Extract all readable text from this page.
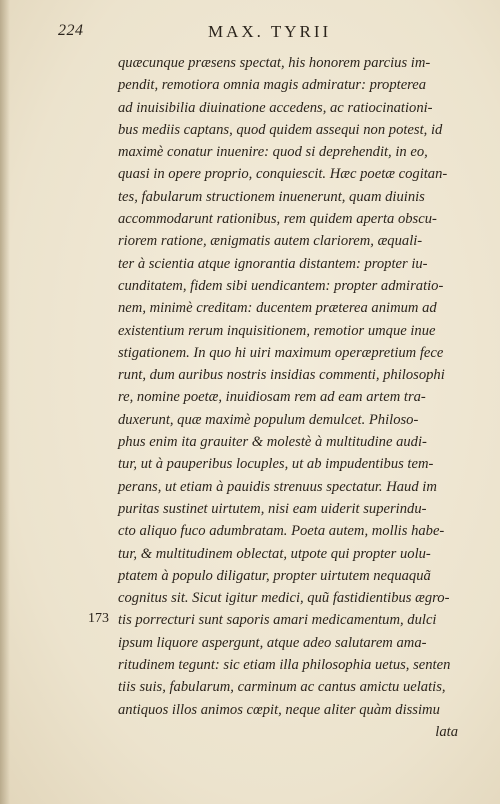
224	MAX. TYRII
173
quæcunque præsens spectat, his honorem parcius im-
pendit, remotiora omnia magis admiratur: propterea
ad inuisibilia diuinatione accedens, ac ratiocinationi-
bus mediis captans, quod quidem assequi non potest, id
maximè conatur inuenire: quod si deprehendit, in eo,
quasi in opere proprio, conquiescit. Hæc poetæ cogitan-
tes, fabularum structionem inuenerunt, quam diuinis
accommodarunt rationibus, rem quidem aperta obscu-
riorem ratione, ænigmatis autem clariorem, æquali-
ter à scientia atque ignorantia distantem: propter iu-
cunditatem, fidem sibi uendicantem: propter admiratio-
nem, minimè creditam: ducentem præterea animum ad
existentium rerum inquisitionem, remotior umque inue
stigationem. In quo hi uiri maximum operæpretium fece
runt, dum auribus nostris insidias commenti, philosophi
re, nomine poetæ, inuidiosam rem ad eam artem tra-
duxerunt, quæ maximè populum demulcet. Philoso-
phus enim ita grauiter & molestè à multitudine audi-
tur, ut à pauperibus locuples, ut ab impudentibus tem-
perans, ut etiam à pauidis strenuus spectatur. Haud im
puritas sustinet uirtutem, nisi eam uiderit superindu-
cto aliquo fuco adumbratam. Poeta autem, mollis habe-
tur, & multitudinem oblectat, utpote qui propter uolu-
ptatem à populo diligatur, propter uirtutem nequaquã
cognitus sit. Sicut igitur medici, quũ fastidientibus ægro-
tis porrecturi sunt saporis amari medicamentum, dulci
ipsum liquore aspergunt, atque adeo salutarem ama-
ritudinem tegunt: sic etiam illa philosophia uetus, senten
tiis suis, fabularum, carminum ac cantus amictu uelatis,
antiquos illos animos cœpit, neque aliter quàm dissimu
lata
